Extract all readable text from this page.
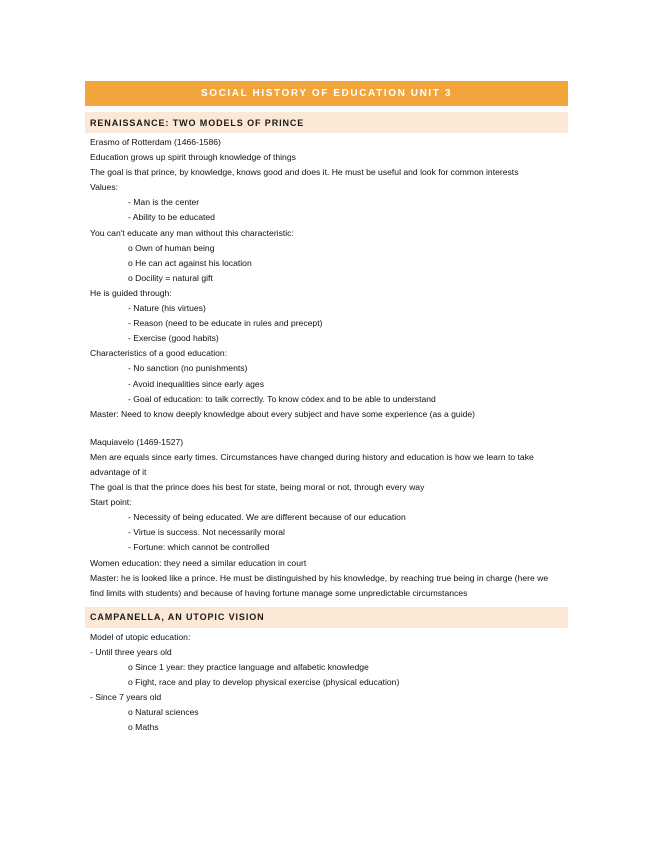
SOCIAL HISTORY OF EDUCATION UNIT 3
RENAISSANCE: TWO MODELS OF PRINCE
Erasmo of Rotterdam (1466-1586)
Education grows up spirit through knowledge of things
The goal is that prince, by knowledge, knows good and does it. He must be useful and look for common interests
Values:
- Man is the center
- Ability to be educated
You can't educate any man without this characteristic:
o Own of human being
o He can act against his location
o Docility = natural gift
He is guided through:
- Nature (his virtues)
- Reason (need to be educate in rules and precept)
- Exercise (good habits)
Characteristics of a good education:
- No sanction (no punishments)
- Avoid inequalities since early ages
- Goal of education: to talk correctly. To know códex and to be able to understand
Master: Need to know deeply knowledge about every subject and have some experience (as a guide)
Maquiavelo (1469-1527)
Men are equals since early times. Circumstances have changed during history and education is how we learn to take advantage of it
The goal is that the prince does his best for state, being moral or not, through every way
Start point:
- Necessity of being educated. We are different because of our education
- Virtue is success. Not necessarily moral
- Fortune: which cannot be controlled
Women education: they need a similar education in court
Master: he is looked like a prince. He must be distinguished by his knowledge, by reaching true being in charge (here we find limits with students) and because of having fortune manage some unpredictable circumstances
CAMPANELLA, AN UTOPIC VISION
Model of utopic education:
- Until three years old
o Since 1 year: they practice language and alfabetic knowledge
o Fight, race and play to develop physical exercise (physical education)
- Since 7 years old
o Natural sciences
o Maths
